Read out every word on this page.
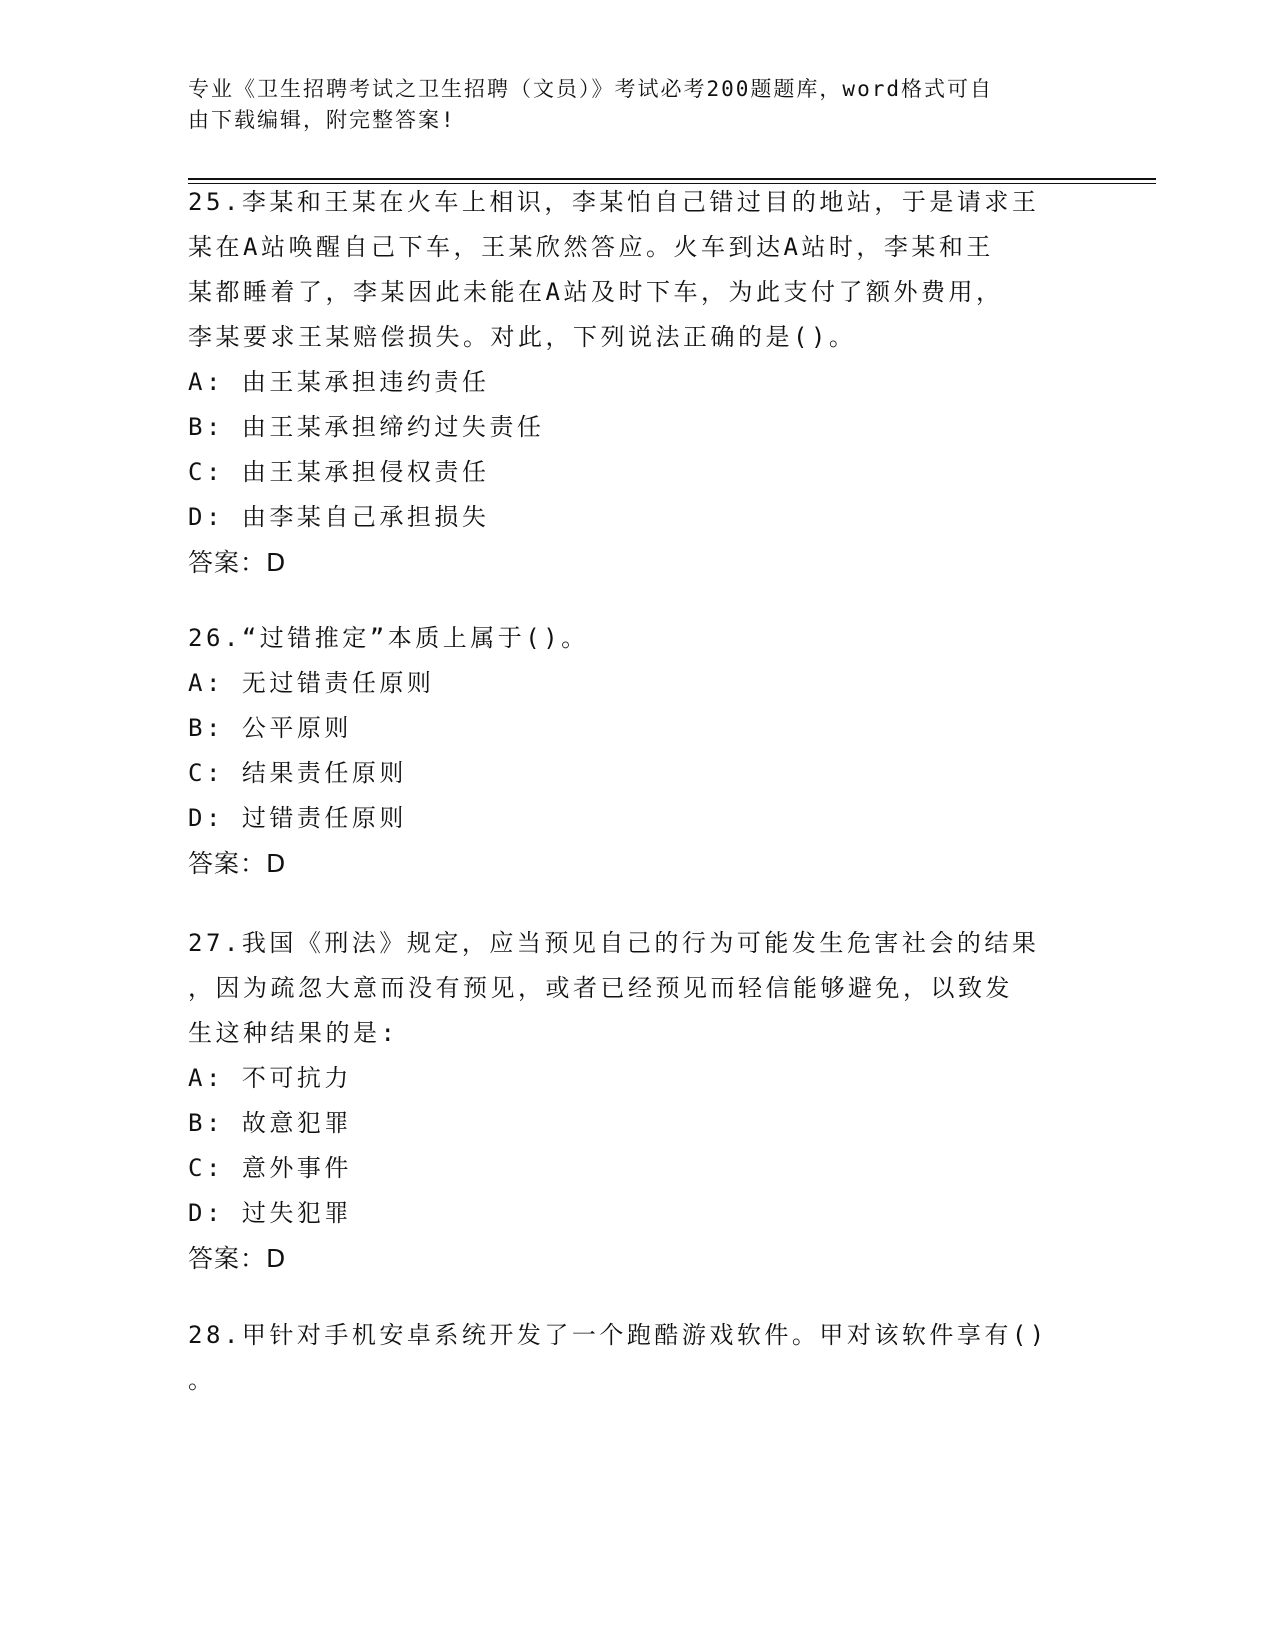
专业《卫生招聘考试之卫生招聘（文员）》考试必考200题题库，word格式可自
由下载编辑，附完整答案!

25.李某和王某在火车上相识，李某怕自己错过目的地站，于是请求王

某在A站唤醒自己下车，王某欣然答应。火车到达A站时，李某和王

某都睡着了，李某因此未能在A站及时下车，为此支付了额外费用，

李某要求王某赔偿损失。对此，下列说法正确的是()。

A: 由王某承担违约责任

B: 由王某承担缔约过失责任

C: 由王某承担侵权责任

D: 由李某自己承担损失

答案：D

26.“过错推定”本质上属于()。

A: 无过错责任原则

B: 公平原则

C: 结果责任原则

D: 过错责任原则

答案：D

27.我国《刑法》规定，应当预见自己的行为可能发生危害社会的结果

，因为疏忽大意而没有预见，或者已经预见而轻信能够避免，以致发

生这种结果的是:

A: 不可抗力

B: 故意犯罪

C: 意外事件

D: 过失犯罪

答案：D

28.甲针对手机安卓系统开发了一个跑酷游戏软件。甲对该软件享有()

。
